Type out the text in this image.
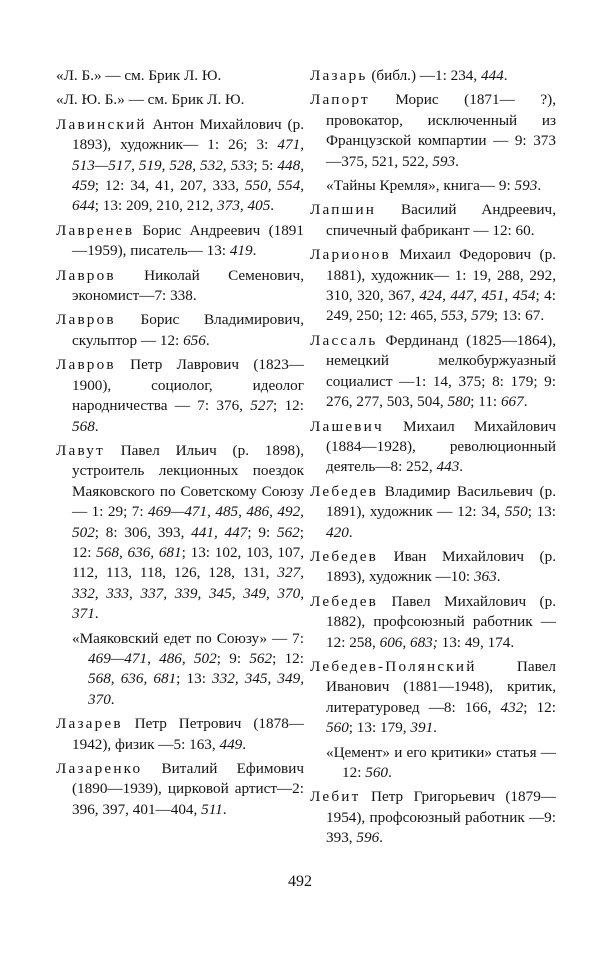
«Л. Б.» — см. Брик Л. Ю.

«Л. Ю. Б.» — см. Брик Л. Ю.

Лавинский Антон Михайлович (р. 1893), художник— 1: 26; 3: 471, 513—517, 519, 528, 532, 533; 5: 448, 459; 12: 34, 41, 207, 333, 550, 554, 644; 13: 209, 210, 212, 373, 405.

Лавренев Борис Андреевич (1891—1959), писатель— 13: 419.

Лавров Николай Семенович, экономист—7: 338.

Лавров Борис Владимирович, скульптор — 12: 656.

Лавров Петр Лаврович (1823—1900), социолог, идеолог народничества — 7: 376, 527; 12: 568.

Лавут Павел Ильич (р. 1898), устроитель лекционных поездок Маяковского по Советскому Союзу — 1: 29; 7: 469—471, 485, 486, 492, 502; 8: 306, 393, 441, 447; 9: 562; 12: 568, 636, 681; 13: 102, 103, 107, 112, 113, 118, 126, 128, 131, 327, 332, 333, 337, 339, 345, 349, 370, 371.

«Маяковский едет по Союзу» — 7: 469—471, 486, 502; 9: 562; 12: 568, 636, 681; 13: 332, 345, 349, 370.

Лазарев Петр Петрович (1878—1942), физик —5: 163, 449.

Лазаренко Виталий Ефимович (1890—1939), цирковой артист—2: 396, 397, 401—404, 511.

Лазарь (библ.) —1: 234, 444.

Лапорт Морис (1871— ?), провокатор, исключенный из Французской компартии — 9: 373—375, 521, 522, 593.

«Тайны Кремля», книга— 9: 593.

Лапшин Василий Андреевич, спичечный фабрикант — 12: 60.

Ларионов Михаил Федорович (р. 1881), художник— 1: 19, 288, 292, 310, 320, 367, 424, 447, 451, 454; 4: 249, 250; 12: 465, 553, 579; 13: 67.

Лассаль Фердинанд (1825—1864), немецкий мелкобуржуазный социалист —1: 14, 375; 8: 179; 9: 276, 277, 503, 504, 580; 11: 667.

Лашевич Михаил Михайлович (1884—1928), революционный деятель—8: 252, 443.

Лебедев Владимир Васильевич (р. 1891), художник — 12: 34, 550; 13: 420.

Лебедев Иван Михайлович (р. 1893), художник —10: 363.

Лебедев Павел Михайлович (р. 1882), профсоюзный работник — 12: 258, 606, 683; 13: 49, 174.

Лебедев-Полянский Павел Иванович (1881—1948), критик, литературовед —8: 166, 432; 12: 560; 13: 179, 391.

«Цемент» и его критики» статья — 12: 560.

Лебит Петр Григорьевич (1879—1954), профсоюзный работник —9: 393, 596.

492
